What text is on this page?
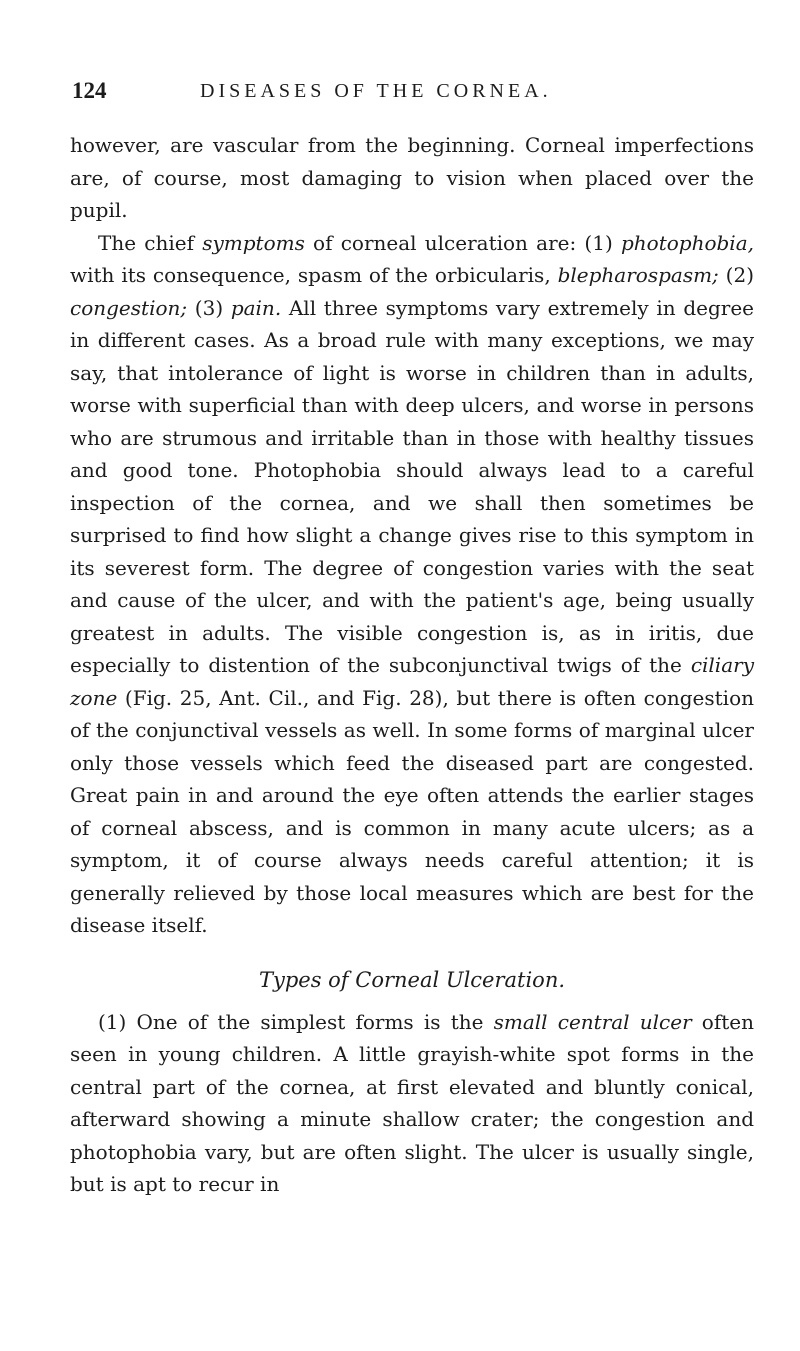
124	DISEASES OF THE CORNEA.

however, are vascular from the beginning. Corneal imperfections are, of course, most damaging to vision when placed over the pupil.

The chief symptoms of corneal ulceration are: (1) photophobia, with its consequence, spasm of the orbicularis, blepharospasm; (2) congestion; (3) pain. All three symptoms vary extremely in degree in different cases. As a broad rule with many exceptions, we may say, that intolerance of light is worse in children than in adults, worse with superficial than with deep ulcers, and worse in persons who are strumous and irritable than in those with healthy tissues and good tone. Photophobia should always lead to a careful inspection of the cornea, and we shall then sometimes be surprised to find how slight a change gives rise to this symptom in its severest form. The degree of congestion varies with the seat and cause of the ulcer, and with the patient's age, being usually greatest in adults. The visible congestion is, as in iritis, due especially to distention of the subconjunctival twigs of the ciliary zone (Fig. 25, Ant. Cil., and Fig. 28), but there is often congestion of the conjunctival vessels as well. In some forms of marginal ulcer only those vessels which feed the diseased part are congested. Great pain in and around the eye often attends the earlier stages of corneal abscess, and is common in many acute ulcers; as a symptom, it of course always needs careful attention; it is generally relieved by those local measures which are best for the disease itself.

Types of Corneal Ulceration.

(1) One of the simplest forms is the small central ulcer often seen in young children. A little grayish-white spot forms in the central part of the cornea, at first elevated and bluntly conical, afterward showing a minute shallow crater; the congestion and photophobia vary, but are often slight. The ulcer is usually single, but is apt to recur in
